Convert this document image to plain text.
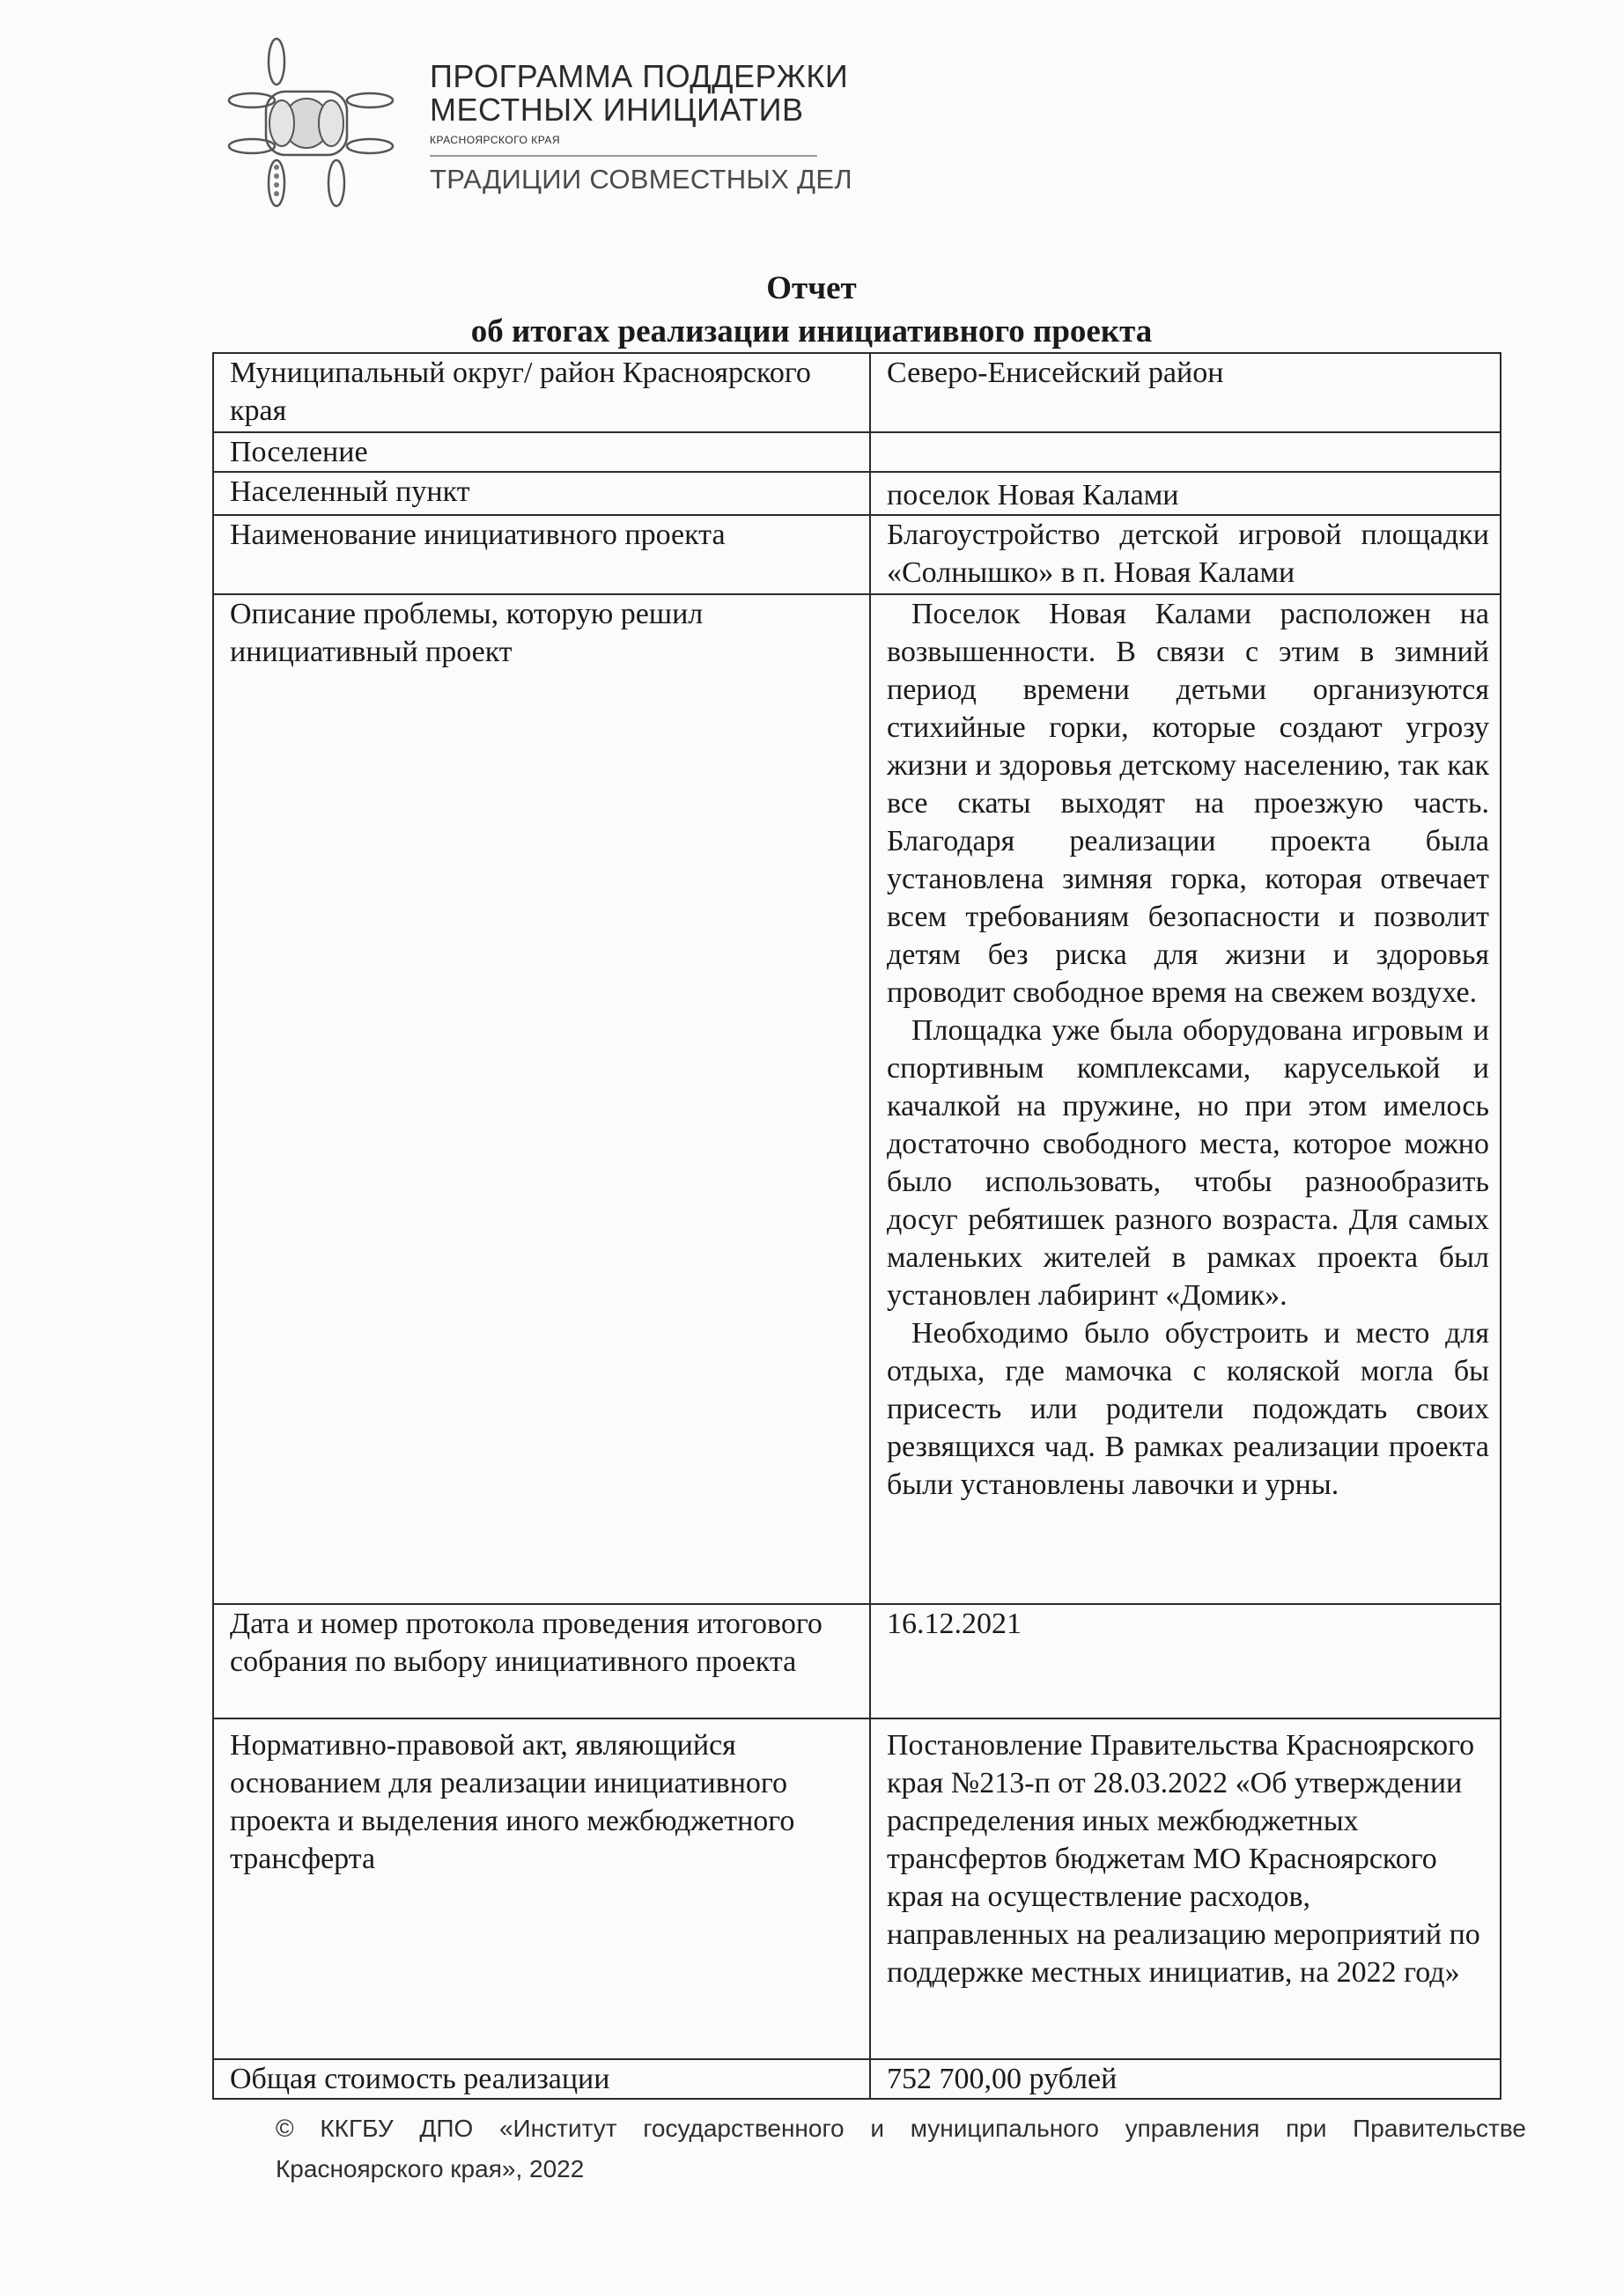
ПРОГРАММА ПОДДЕРЖКИ
МЕСТНЫХ ИНИЦИАТИВ
КРАСНОЯРСКОГО КРАЯ
ТРАДИЦИИ СОВМЕСТНЫХ ДЕЛ
Отчет
об итогах реализации инициативного проекта
Муниципальный округ/ район Красноярского края	Северо-Енисейский район
Поселение	
Населенный пункт	поселок Новая Калами
Наименование инициативного проекта	Благоустройство детской игровой площадки «Солнышко» в п. Новая Калами
Описание проблемы, которую решил инициативный проект	Поселок Новая Калами расположен на возвышенности. В связи с этим в зимний период времени детьми организуются стихийные горки, которые создают угрозу жизни и здоровья детскому населению, так как все скаты выходят на проезжую часть. Благодаря реализации проекта была установлена зимняя горка, которая отвечает всем требованиям безопасности и позволит детям без риска для жизни и здоровья проводит свободное время на свежем воздухе.
Площадка уже была оборудована игровым и спортивным комплексами, каруселькой и качалкой на пружине, но при этом имелось достаточно свободного места, которое можно было использовать, чтобы разнообразить досуг ребятишек разного возраста. Для самых маленьких жителей в рамках проекта был установлен лабиринт «Домик».
Необходимо было обустроить и место для отдыха, где мамочка с коляской могла бы присесть или родители подождать своих резвящихся чад. В рамках реализации проекта были установлены лавочки и урны.

Дата и номер протокола проведения итогового собрания по выбору инициативного проекта	16.12.2021
Нормативно-правовой акт, являющийся основанием для реализации инициативного проекта и выделения иного межбюджетного трансферта	Постановление Правительства Красноярского края №213-п от 28.03.2022 «Об утверждении распределения иных межбюджетных трансфертов бюджетам МО Красноярского края на осуществление расходов, направленных на реализацию мероприятий по поддержке местных инициатив, на 2022 год»
Общая стоимость реализации	752 700,00 рублей
© ККГБУ ДПО «Институт государственного и муниципального управления при Правительстве Красноярского края», 2022
